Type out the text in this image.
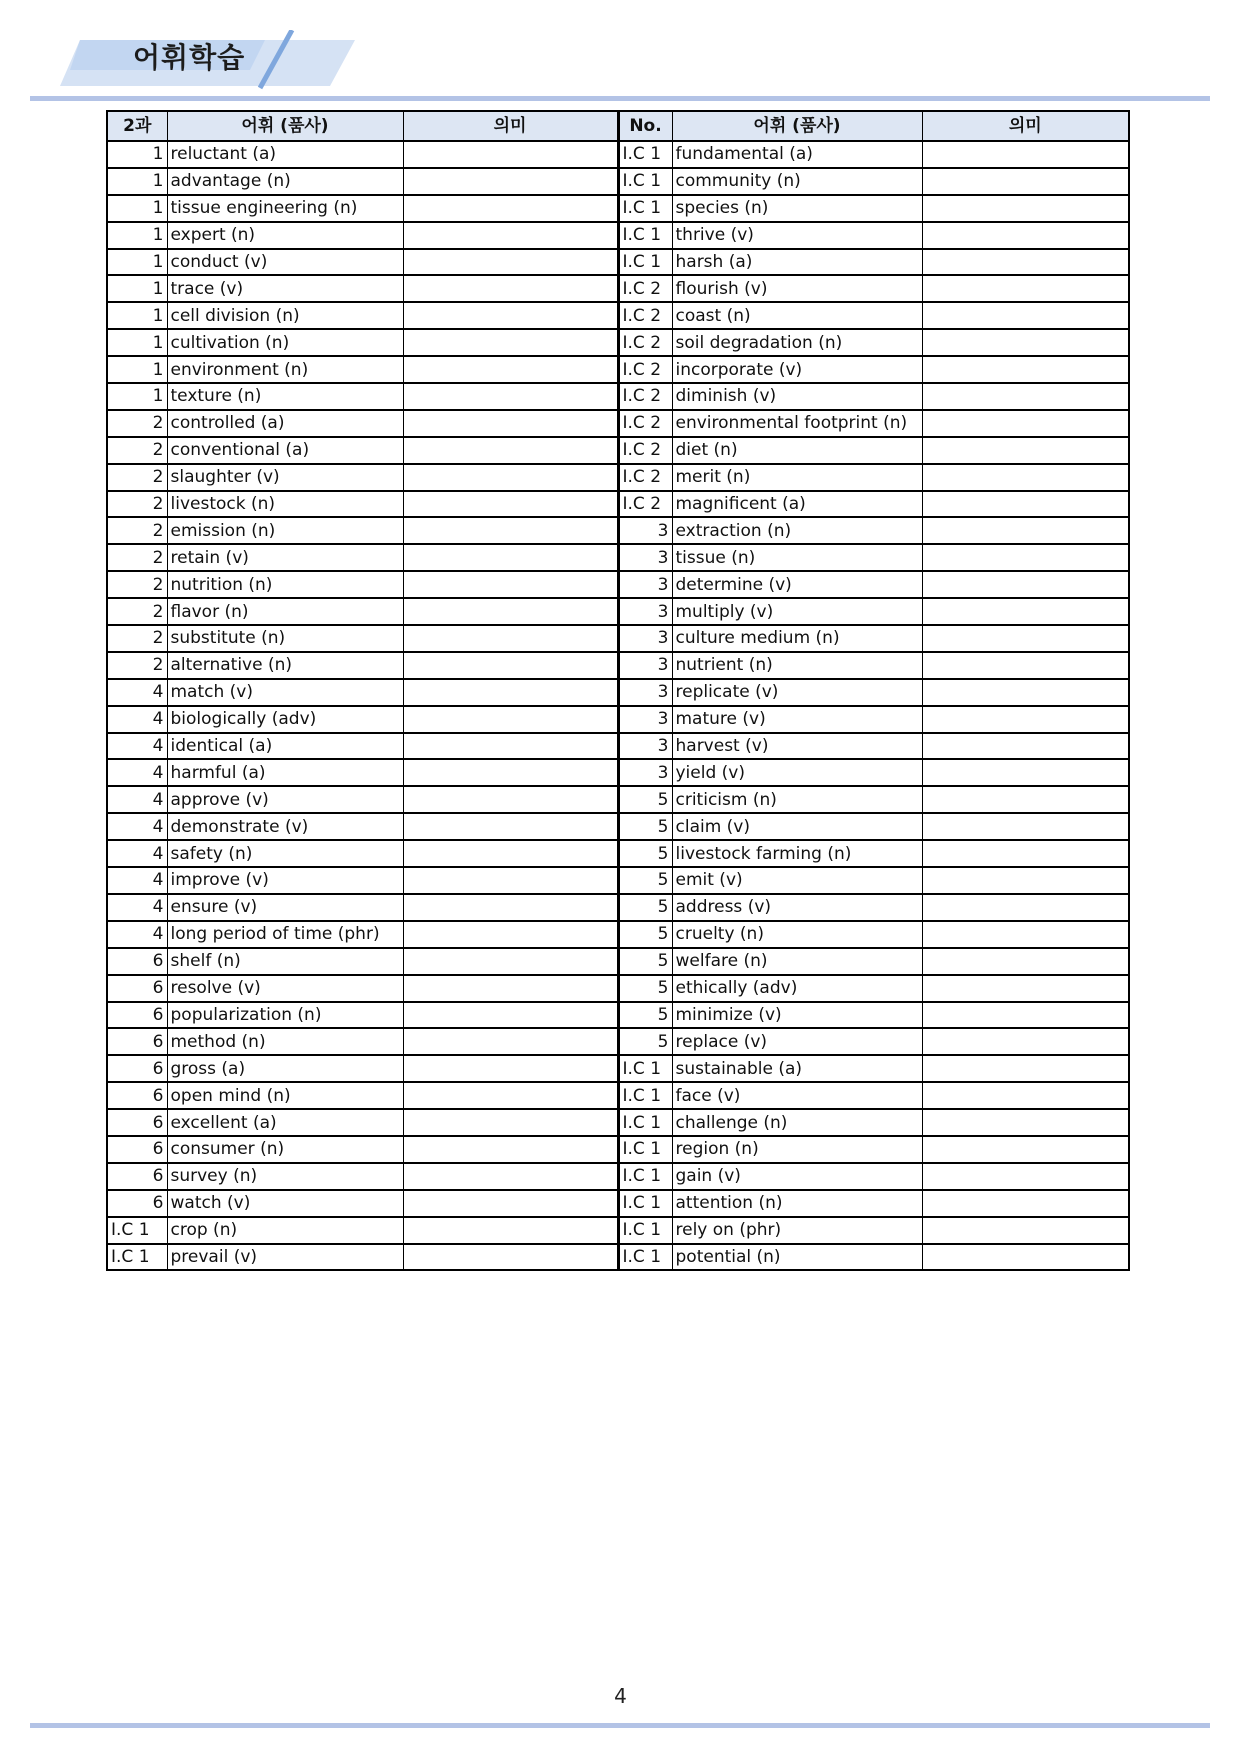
어휘학습
2과	어휘 (품사)	의미	No.	어휘 (품사)	의미
1	reluctant (a)		I.C 1	fundamental (a)	
1	advantage (n)		I.C 1	community (n)	
1	tissue engineering (n)		I.C 1	species (n)	
1	expert (n)		I.C 1	thrive (v)	
1	conduct (v)		I.C 1	harsh (a)	
1	trace (v)		I.C 2	flourish (v)	
1	cell division (n)		I.C 2	coast (n)	
1	cultivation (n)		I.C 2	soil degradation (n)	
1	environment (n)		I.C 2	incorporate (v)	
1	texture (n)		I.C 2	diminish (v)	
2	controlled (a)		I.C 2	environmental footprint (n)	
2	conventional (a)		I.C 2	diet (n)	
2	slaughter (v)		I.C 2	merit (n)	
2	livestock (n)		I.C 2	magnificent (a)	
2	emission (n)		3	extraction (n)	
2	retain (v)		3	tissue (n)	
2	nutrition (n)		3	determine (v)	
2	flavor (n)		3	multiply (v)	
2	substitute (n)		3	culture medium (n)	
2	alternative (n)		3	nutrient (n)	
4	match (v)		3	replicate (v)	
4	biologically (adv)		3	mature (v)	
4	identical (a)		3	harvest (v)	
4	harmful (a)		3	yield (v)	
4	approve (v)		5	criticism (n)	
4	demonstrate (v)		5	claim (v)	
4	safety (n)		5	livestock farming (n)	
4	improve (v)		5	emit (v)	
4	ensure (v)		5	address (v)	
4	long period of time (phr)		5	cruelty (n)	
6	shelf (n)		5	welfare (n)	
6	resolve (v)		5	ethically (adv)	
6	popularization (n)		5	minimize (v)	
6	method (n)		5	replace (v)	
6	gross (a)		I.C 1	sustainable (a)	
6	open mind (n)		I.C 1	face (v)	
6	excellent (a)		I.C 1	challenge (n)	
6	consumer (n)		I.C 1	region (n)	
6	survey (n)		I.C 1	gain (v)	
6	watch (v)		I.C 1	attention (n)	
I.C 1	crop (n)		I.C 1	rely on (phr)	
I.C 1	prevail (v)		I.C 1	potential (n)	
4
